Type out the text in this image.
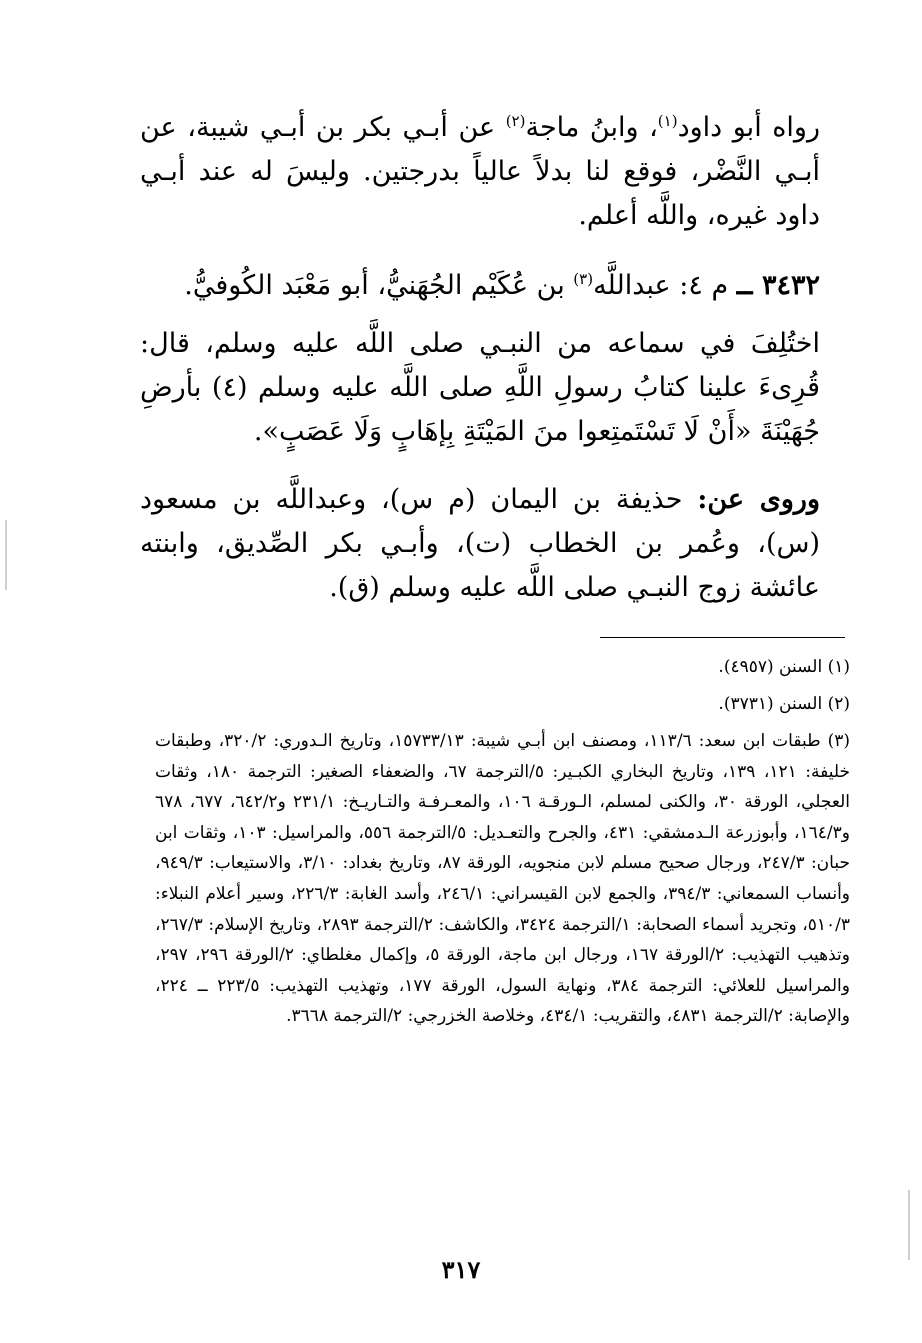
رواه أبو داود$^{(١)}$، وابنُ ماجة$^{(٢)}$ عن أبـي بكر بن أبـي شيبة، عن أبـي النَّضْر، فوقع لنا بدلاً عالياً بدرجتين. وليسَ له عند أبـي داود غيره، واللَّه أعلم.

٣٤٣٢ ــ م ٤: عبداللَّه$^{(٣)}$ بن عُكَيْم الجُهَنيُّ، أبو مَعْبَد الكُوفيُّ.

اختُلِفَ في سماعه من النبـي صلى اللَّه عليه وسلم، قال: قُرِىءَ علينا كتابُ رسولِ اللَّهِ صلى اللَّه عليه وسلم (٤) بأرضِ جُهَيْنَةَ «أَنْ لَا تَسْتَمتِعوا منَ المَيْتَةِ بِإهَابٍ وَلَا عَصَبٍ».

وروى عن: حذيفة بن اليمان (م س)، وعبداللَّه بن مسعود (س)، وعُمر بن الخطاب (ت)، وأبـي بكر الصِّديق، وابنته عائشة زوج النبـي صلى اللَّه عليه وسلم (ق).

(١) السنن (٤٩٥٧).

(٢) السنن (٣٧٣١).

(٣) طبقات ابن سعد: ١١٣/٦، ومصنف ابن أبـي شيبة: ١٥٧٣٣/١٣، وتاريخ الـدوري: ٣٢٠/٢، وطبقات خليفة: ١٢١، ١٣٩، وتاريخ البخاري الكبـير: ٥/الترجمة ٦٧، والضعفاء الصغير: الترجمة ١٨٠، وثقات العجلي، الورقة ٣٠، والكنى لمسلم، الـورقـة ١٠٦، والمعـرفـة والتـاريـخ: ٢٣١/١ و٦٤٢/٢، ٦٧٧، ٦٧٨ و١٦٤/٣، وأبوزرعة الـدمشقي: ٤٣١، والجرح والتعـديل: ٥/الترجمة ٥٥٦، والمراسيل: ١٠٣، وثقات ابن حبان: ٢٤٧/٣، ورجال صحيح مسلم لابن منجويه، الورقة ٨٧، وتاريخ بغداد: ٣/١٠، والاستيعاب: ٩٤٩/٣، وأنساب السمعاني: ٣٩٤/٣، والجمع لابن القيسراني: ٢٤٦/١، وأسد الغابة: ٢٢٦/٣، وسير أعلام النبلاء: ٥١٠/٣، وتجريد أسماء الصحابة: ١/الترجمة ٣٤٢٤، والكاشف: ٢/الترجمة ٢٨٩٣، وتاريخ الإسلام: ٢٦٧/٣، وتذهيب التهذيب: ٢/الورقة ١٦٧، ورجال ابن ماجة، الورقة ٥، وإكمال مغلطاي: ٢/الورقة ٢٩٦، ٢٩٧، والمراسيل للعلائي: الترجمة ٣٨٤، ونهاية السول، الورقة ١٧٧، وتهذيب التهذيب: ٢٢٣/٥ ــ ٢٢٤، والإصابة: ٢/الترجمة ٤٨٣١، والتقريب: ٤٣٤/١، وخلاصة الخزرجي: ٢/الترجمة ٣٦٦٨.

٣١٧
